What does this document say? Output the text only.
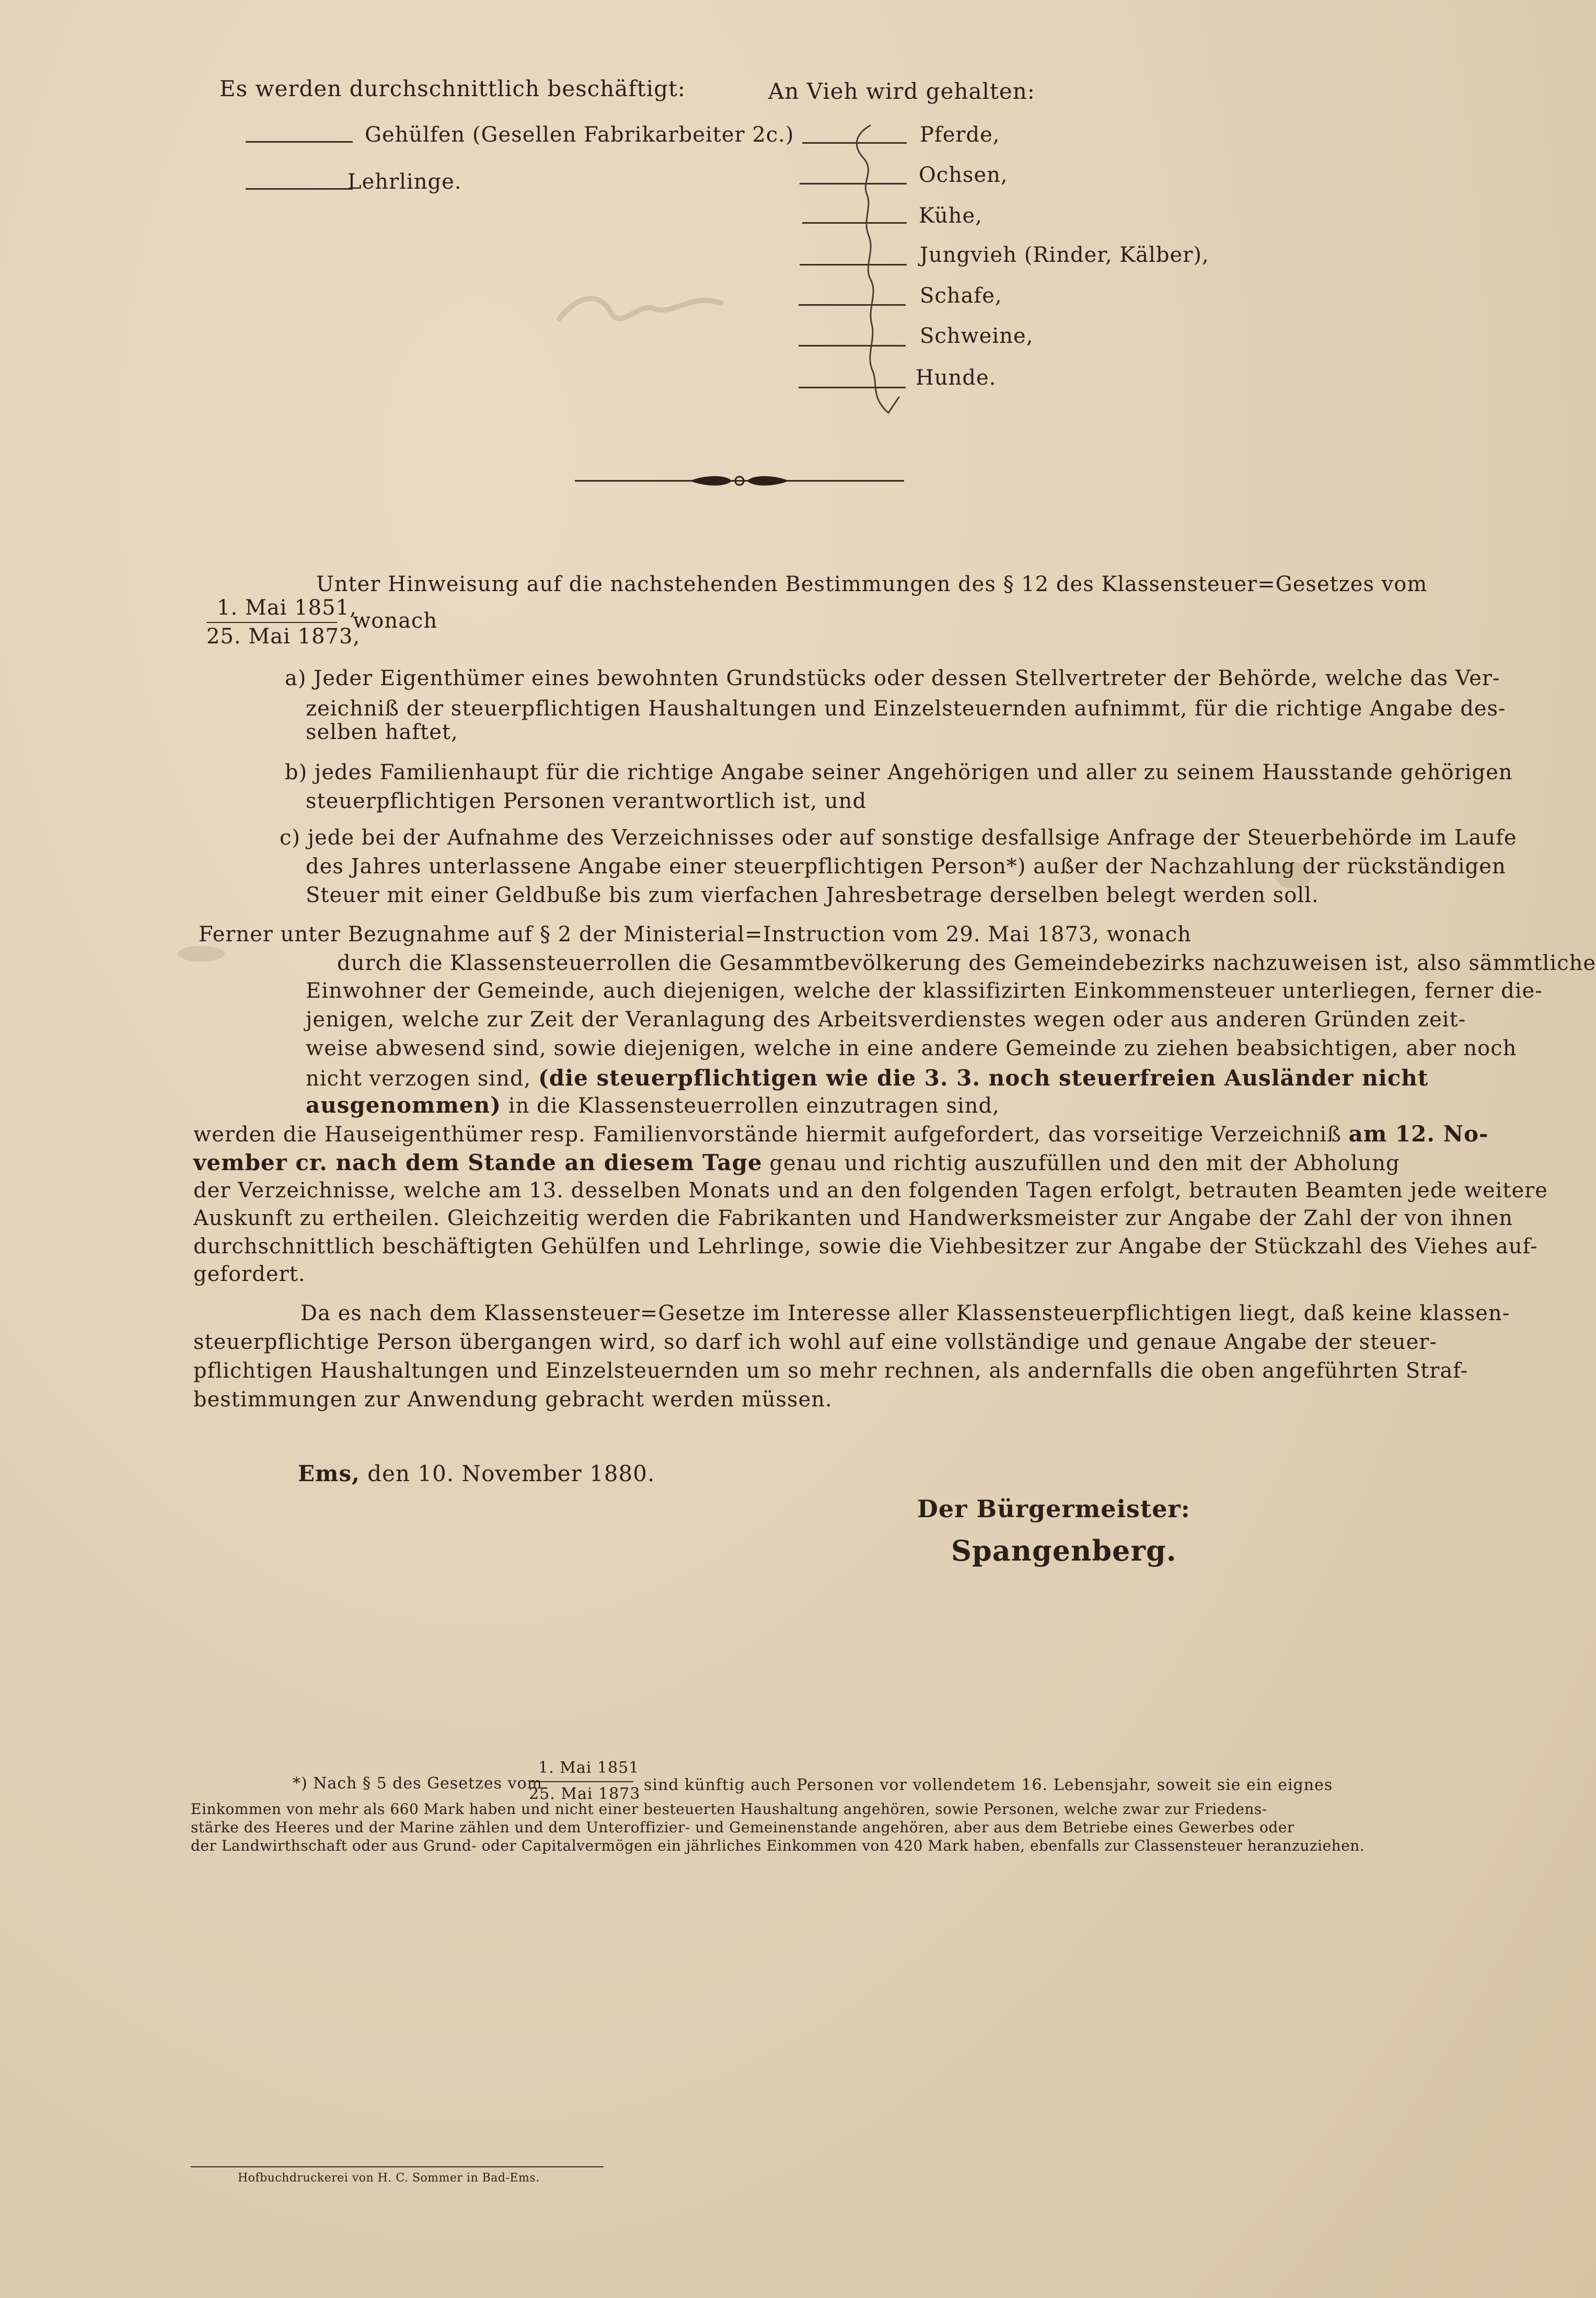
Es werden durchschnittlich beschäftigt:
Gehülfen (Gesellen Fabrikarbeiter 2c.)
Lehrlinge.
An Vieh wird gehalten:
Pferde,
Ochsen,
Kühe,
Jungvieh (Rinder, Kälber),
Schafe,
Schweine,
Hunde.
Unter Hinweisung auf die nachstehenden Bestimmungen des § 12 des Klassensteuer=Gesetzes vom
1. Mai 1851,
25. Mai 1873,
wonach
a) Jeder Eigenthümer eines bewohnten Grundstücks oder dessen Stellvertreter der Behörde, welche das Ver-
zeichniß der steuerpflichtigen Haushaltungen und Einzelsteuernden aufnimmt, für die richtige Angabe des-
selben haftet,
b) jedes Familienhaupt für die richtige Angabe seiner Angehörigen und aller zu seinem Hausstande gehörigen
steuerpflichtigen Personen verantwortlich ist, und
c) jede bei der Aufnahme des Verzeichnisses oder auf sonstige desfallsige Anfrage der Steuerbehörde im Laufe
des Jahres unterlassene Angabe einer steuerpflichtigen Person*) außer der Nachzahlung der rückständigen
Steuer mit einer Geldbuße bis zum vierfachen Jahresbetrage derselben belegt werden soll.
Ferner unter Bezugnahme auf § 2 der Ministerial=Instruction vom 29. Mai 1873, wonach
durch die Klassensteuerrollen die Gesammtbevölkerung des Gemeindebezirks nachzuweisen ist, also sämmtliche
Einwohner der Gemeinde, auch diejenigen, welche der klassifizirten Einkommensteuer unterliegen, ferner die-
jenigen, welche zur Zeit der Veranlagung des Arbeitsverdienstes wegen oder aus anderen Gründen zeit-
weise abwesend sind, sowie diejenigen, welche in eine andere Gemeinde zu ziehen beabsichtigen, aber noch
nicht verzogen sind, (die steuerpflichtigen wie die 3. 3. noch steuerfreien Ausländer nicht
ausgenommen) in die Klassensteuerrollen einzutragen sind,
werden die Hauseigenthümer resp. Familienvorstände hiermit aufgefordert, das vorseitige Verzeichniß am 12. No-
vember cr. nach dem Stande an diesem Tage genau und richtig auszufüllen und den mit der Abholung
der Verzeichnisse, welche am 13. desselben Monats und an den folgenden Tagen erfolgt, betrauten Beamten jede weitere
Auskunft zu ertheilen. Gleichzeitig werden die Fabrikanten und Handwerksmeister zur Angabe der Zahl der von ihnen
durchschnittlich beschäftigten Gehülfen und Lehrlinge, sowie die Viehbesitzer zur Angabe der Stückzahl des Viehes auf-
gefordert.
Da es nach dem Klassensteuer=Gesetze im Interesse aller Klassensteuerpflichtigen liegt, daß keine klassen-
steuerpflichtige Person übergangen wird, so darf ich wohl auf eine vollständige und genaue Angabe der steuer-
pflichtigen Haushaltungen und Einzelsteuernden um so mehr rechnen, als andernfalls die oben angeführten Straf-
bestimmungen zur Anwendung gebracht werden müssen.
Ems, den 10. November 1880.
Der Bürgermeister:
Spangenberg.
*) Nach § 5 des Gesetzes vom
1. Mai 1851
25. Mai 1873 sind künftig auch Personen vor vollendetem 16. Lebensjahr, soweit sie ein eignes
Einkommen von mehr als 660 Mark haben und nicht einer besteuerten Haushaltung angehören, sowie Personen, welche zwar zur Friedens-
stärke des Heeres und der Marine zählen und dem Unteroffizier- und Gemeinenstande angehören, aber aus dem Betriebe eines Gewerbes oder
der Landwirthschaft oder aus Grund- oder Capitalvermögen ein jährliches Einkommen von 420 Mark haben, ebenfalls zur Classensteuer heranzuziehen.
Hofbuchdruckerei von H. C. Sommer in Bad-Ems.
